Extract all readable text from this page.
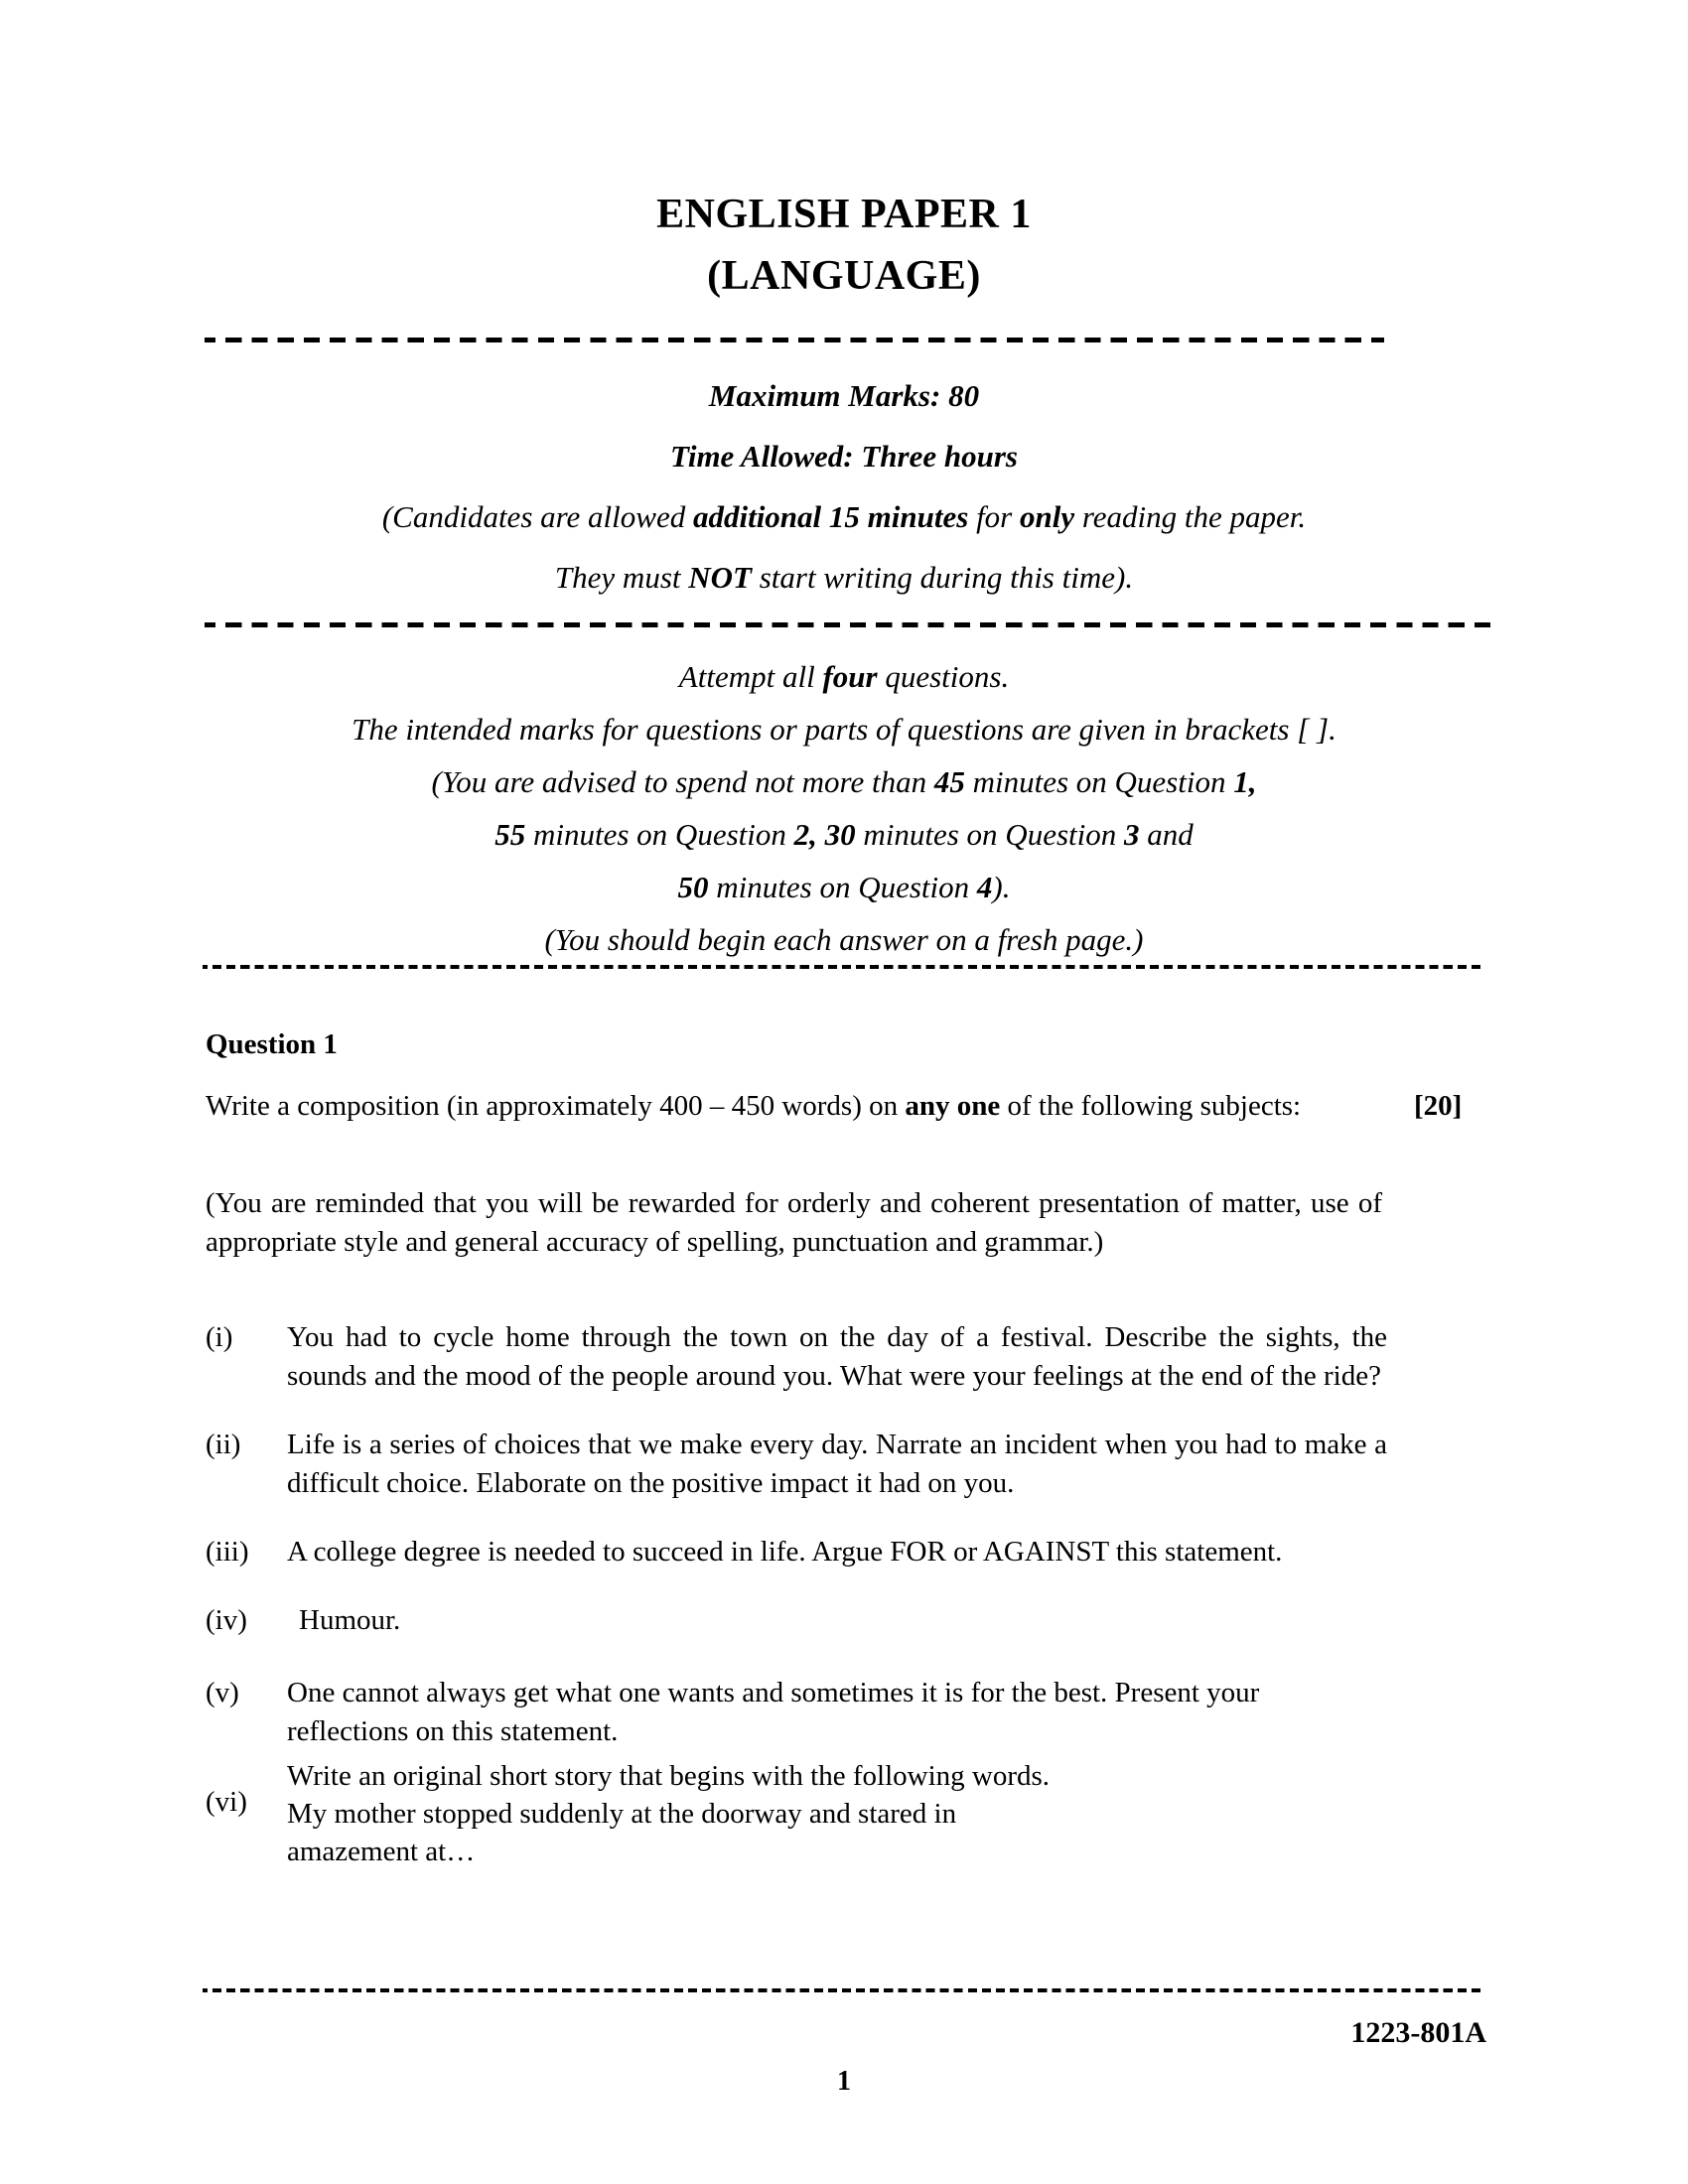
ENGLISH PAPER 1
(LANGUAGE)
Maximum Marks: 80
Time Allowed: Three hours
(Candidates are allowed additional 15 minutes for only reading the paper.
They must NOT start writing during this time).
Attempt all four questions.
The intended marks for questions or parts of questions are given in brackets [ ].
(You are advised to spend not more than 45 minutes on Question 1,
55 minutes on Question 2, 30 minutes on Question 3 and
50 minutes on Question 4).
(You should begin each answer on a fresh page.)
Question 1
Write a composition (in approximately 400 – 450 words) on any one of the following subjects:	[20]
(You are reminded that you will be rewarded for orderly and coherent presentation of matter, use of appropriate style and general accuracy of spelling, punctuation and grammar.)
(i)	You had to cycle home through the town on the day of a festival. Describe the sights, the sounds and the mood of the people around you. What were your feelings at the end of the ride?
(ii)	Life is a series of choices that we make every day. Narrate an incident when you had to make a difficult choice. Elaborate on the positive impact it had on you.
(iii)	A college degree is needed to succeed in life. Argue FOR or AGAINST this statement.
(iv)	Humour.
(v)	One cannot always get what one wants and sometimes it is for the best. Present your reflections on this statement.
(vi)
Write an original short story that begins with the following words.
My mother stopped suddenly at the doorway and stared in
amazement at…
1223-801A
1
